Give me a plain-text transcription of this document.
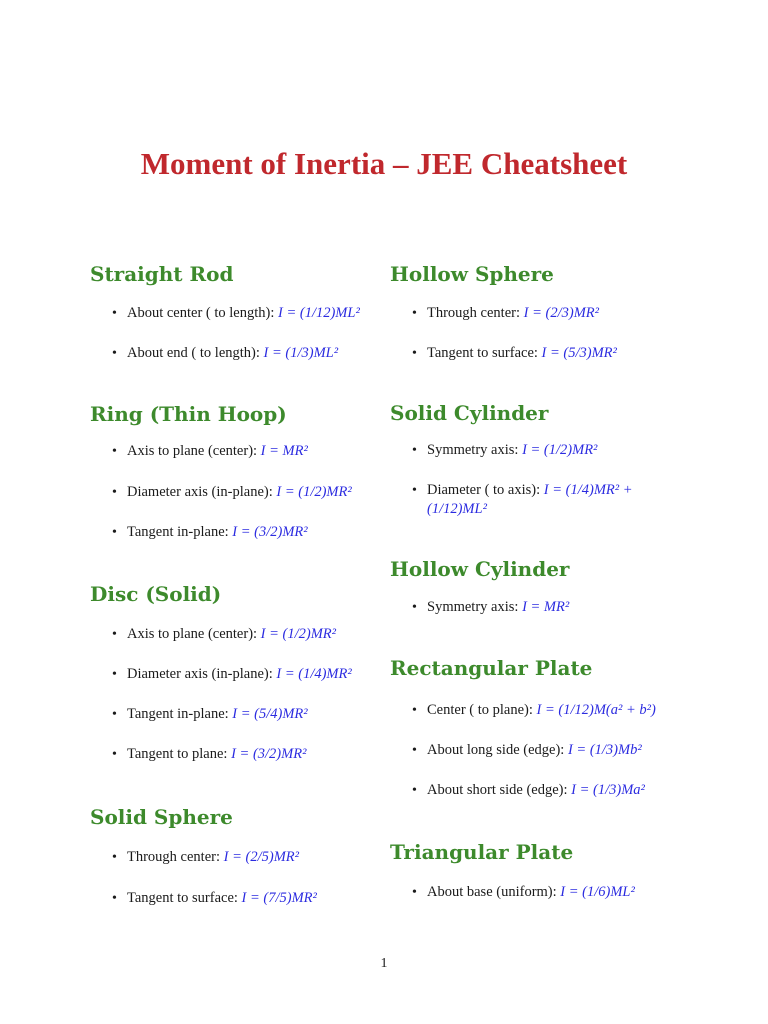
Moment of Inertia – JEE Cheatsheet
Straight Rod
• About center ( to length): I = (1/12)ML²
• About end ( to length): I = (1/3)ML²
Ring (Thin Hoop)
• Axis to plane (center): I = MR²
• Diameter axis (in-plane): I = (1/2)MR²
• Tangent in-plane: I = (3/2)MR²
Disc (Solid)
• Axis to plane (center): I = (1/2)MR²
• Diameter axis (in-plane): I = (1/4)MR²
• Tangent in-plane: I = (5/4)MR²
• Tangent to plane: I = (3/2)MR²
Solid Sphere
• Through center: I = (2/5)MR²
• Tangent to surface: I = (7/5)MR²
Hollow Sphere
• Through center: I = (2/3)MR²
• Tangent to surface: I = (5/3)MR²
Solid Cylinder
• Symmetry axis: I = (1/2)MR²
• Diameter ( to axis): I = (1/4)MR² + (1/12)ML²
Hollow Cylinder
• Symmetry axis: I = MR²
Rectangular Plate
• Center ( to plane): I = (1/12)M(a² + b²)
• About long side (edge): I = (1/3)Mb²
• About short side (edge): I = (1/3)Ma²
Triangular Plate
• About base (uniform): I = (1/6)ML²
1
